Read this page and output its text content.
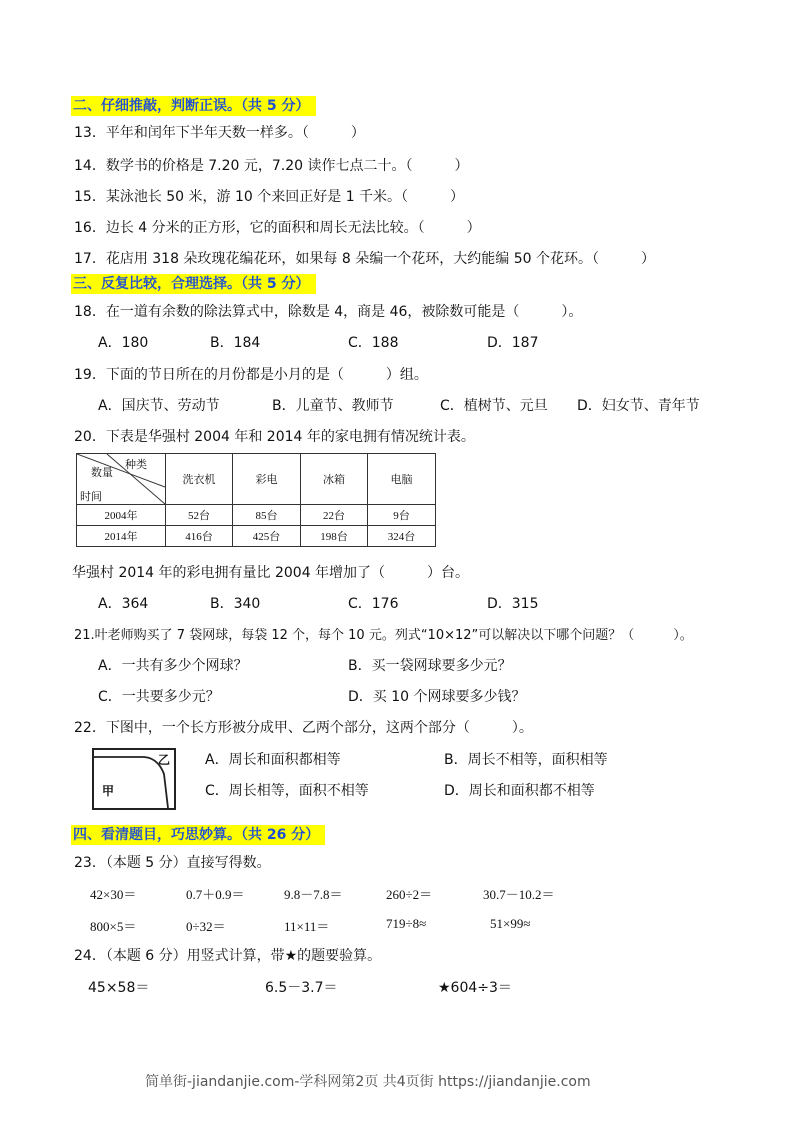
二、仔细推敲，判断正误。（共 5 分）
13．平年和闰年下半年天数一样多。（　　　）
14．数学书的价格是 7.20 元，7.20 读作七点二十。（　　　）
15．某泳池长 50 米，游 10 个来回正好是 1 千米。（　　　）
16．边长 4 分米的正方形，它的面积和周长无法比较。（　　　）
17．花店用 318 朵玫瑰花编花环，如果每 8 朵编一个花环，大约能编 50 个花环。（　　　）
三、反复比较，合理选择。（共 5 分）
18．在一道有余数的除法算式中，除数是 4，商是 46，被除数可能是（　　　）。
A．180	B．184	C．188	D．187
19．下面的节日所在的月份都是小月的是（　　　）组。
A．国庆节、劳动节	B．儿童节、教师节	C．植树节、元旦 D．妇女节、青年节
20．下表是华强村 2004 年和 2014 年的家电拥有情况统计表。
种类
数量
时间	洗衣机	彩电	冰箱	电脑
2004年	52台	85台	22台	9台
2014年	416台	425台	198台	324台
华强村 2014 年的彩电拥有量比 2004 年增加了（　　　）台。
A．364	B．340	C．176	D．315
21.叶老师购买了 7 袋网球，每袋 12 个，每个 10 元。列式“10×12”可以解决以下哪个问题？（　　　）。
A．一共有多少个网球？	B．买一袋网球要多少元？
C．一共要多少元？	D．买 10 个网球要多少钱？
22．下图中，一个长方形被分成甲、乙两个部分，这两个部分（　　　）。
甲
乙 A．周长和面积都相等	B．周长不相等，面积相等
C．周长相等，面积不相等	D．周长和面积都不相等
四、看清题目，巧思妙算。（共 26 分）
23．（本题 5 分）直接写得数。
42×30＝	0.7＋0.9＝	9.8－7.8＝	260÷2＝	30.7－10.2＝
800×5＝	0÷32＝	11×11＝	719÷8≈	51×99≈
24．（本题 6 分）用竖式计算，带★的题要验算。
45×58＝	6.5－3.7＝	★604÷3＝
简单街-jiandanjie.com-学科网第2页 共4页街 https://jiandanjie.com
